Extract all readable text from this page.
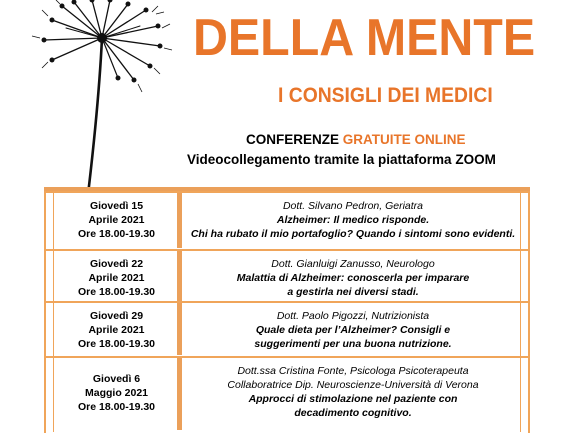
DELLA MENTE
I CONSIGLI DEI MEDICI
CONFERENZE GRATUITE ONLINE
Videocollegamento tramite la piattaforma ZOOM
Giovedì 15
Aprile 2021
Ore 18.00-19.30
Dott. Silvano Pedron, Geriatra
Alzheimer: Il medico risponde.
Chi ha rubato il mio portafoglio? Quando i sintomi sono evidenti.
Giovedì 22
Aprile 2021
Ore 18.00-19.30
Dott. Gianluigi Zanusso, Neurologo
Malattia di Alzheimer: conoscerla per imparare
a gestirla nei diversi stadi.
Giovedì 29
Aprile 2021
Ore 18.00-19.30
Dott. Paolo Pigozzi, Nutrizionista
Quale dieta per l’Alzheimer? Consigli e
suggerimenti per una buona nutrizione.
Giovedì 6
Maggio 2021
Ore 18.00-19.30
Dott.ssa Cristina Fonte, Psicologa Psicoterapeuta
Collaboratrice Dip. Neuroscienze-Università di Verona
Approcci di stimolazione nel paziente con
decadimento cognitivo.
